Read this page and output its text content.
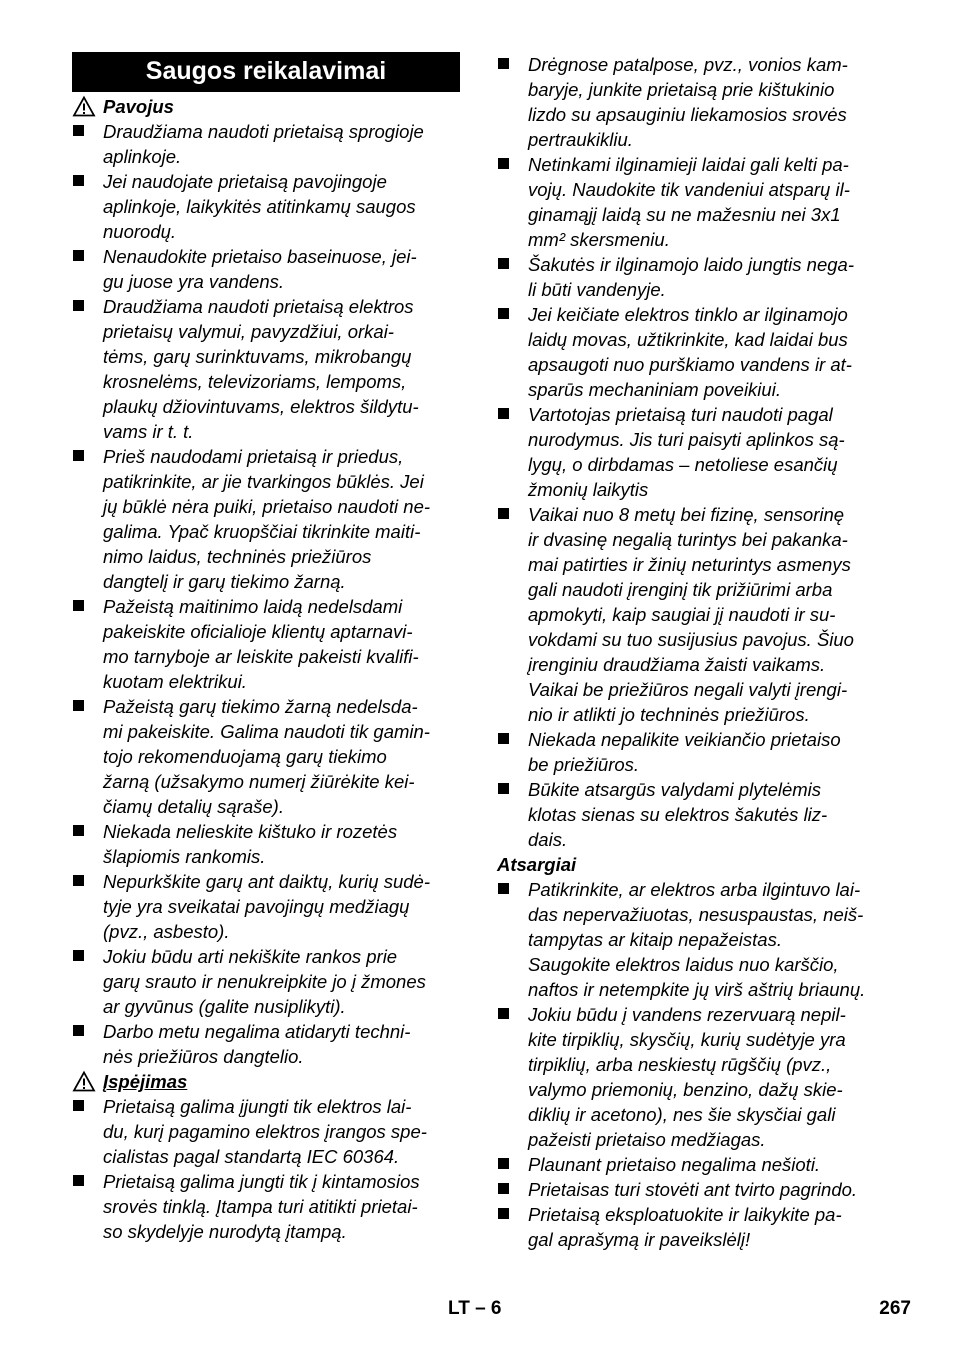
Saugos reikalavimai
Pavojus
Draudžiama naudoti prietaisą sprogioje
aplinkoje.
Jei naudojate prietaisą pavojingoje
aplinkoje, laikykitės atitinkamų saugos
nuorodų.
Nenaudokite prietaiso baseinuose, jei-
gu juose yra vandens.
Draudžiama naudoti prietaisą elektros
prietaisų valymui, pavyzdžiui, orkai-
tėms, garų surinktuvams, mikrobangų
krosnelėms, televizoriams, lempoms,
plaukų džiovintuvams, elektros šildytu-
vams ir t. t.
Prieš naudodami prietaisą ir priedus,
patikrinkite, ar jie tvarkingos būklės. Jei
jų būklė nėra puiki, prietaiso naudoti ne-
galima. Ypač kruopščiai tikrinkite maiti-
nimo laidus, techninės priežiūros
dangtelį ir garų tiekimo žarną.
Pažeistą maitinimo laidą nedelsdami
pakeiskite oficialioje klientų aptarnavi-
mo tarnyboje ar leiskite pakeisti kvalifi-
kuotam elektrikui.
Pažeistą garų tiekimo žarną nedelsda-
mi pakeiskite. Galima naudoti tik gamin-
tojo rekomenduojamą garų tiekimo
žarną (užsakymo numerį žiūrėkite kei-
čiamų detalių sąraše).
Niekada nelieskite kištuko ir rozetės
šlapiomis rankomis.
Nepurkškite garų ant daiktų, kurių sudė-
tyje yra sveikatai pavojingų medžiagų
(pvz., asbesto).
Jokiu būdu arti nekiškite rankos prie
garų srauto ir nenukreipkite jo į žmones
ar gyvūnus (galite nusiplikyti).
Darbo metu negalima atidaryti techni-
nės priežiūros dangtelio.
Įspėjimas
Prietaisą galima įjungti tik elektros lai-
du, kurį pagamino elektros įrangos spe-
cialistas pagal standartą IEC 60364.
Prietaisą galima jungti tik į kintamosios
srovės tinklą. Įtampa turi atitikti prietai-
so skydelyje nurodytą įtampą.
Drėgnose patalpose, pvz., vonios kam-
baryje, junkite prietaisą prie kištukinio
lizdo su apsauginiu liekamosios srovės
pertraukikliu.
Netinkami ilginamieji laidai gali kelti pa-
vojų. Naudokite tik vandeniui atsparų il-
ginamąjį laidą su ne mažesniu nei 3x1
mm² skersmeniu.
Šakutės ir ilginamojo laido jungtis nega-
li būti vandenyje.
Jei keičiate elektros tinklo ar ilginamojo
laidų movas, užtikrinkite, kad laidai bus
apsaugoti nuo purškiamo vandens ir at-
sparūs mechaniniam poveikiui.
Vartotojas prietaisą turi naudoti pagal
nurodymus. Jis turi paisyti aplinkos są-
lygų, o dirbdamas – netoliese esančių
žmonių laikytis
Vaikai nuo 8 metų bei fizinę, sensorinę
ir dvasinę negalią turintys bei pakanka-
mai patirties ir žinių neturintys asmenys
gali naudoti įrenginį tik prižiūrimi arba
apmokyti, kaip saugiai jį naudoti ir su-
vokdami su tuo susijusius pavojus. Šiuo
įrenginiu draudžiama žaisti vaikams.
Vaikai be priežiūros negali valyti įrengi-
nio ir atlikti jo techninės priežiūros.
Niekada nepalikite veikiančio prietaiso
be priežiūros.
Būkite atsargūs valydami plytelėmis
klotas sienas su elektros šakutės liz-
dais.
Atsargiai
Patikrinkite, ar elektros arba ilgintuvo lai-
das nepervažiuotas, nesuspaustas, neiš-
tampytas ar kitaip nepažeistas.
Saugokite elektros laidus nuo karščio,
naftos ir netempkite jų virš aštrių briaunų.
Jokiu būdu į vandens rezervuarą nepil-
kite tirpiklių, skysčių, kurių sudėtyje yra
tirpiklių, arba neskiestų rūgščių (pvz.,
valymo priemonių, benzino, dažų skie-
diklių ir acetono), nes šie skysčiai gali
pažeisti prietaiso medžiagas.
Plaunant prietaiso negalima nešioti.
Prietaisas turi stovėti ant tvirto pagrindo.
Prietaisą eksploatuokite ir laikykite pa-
gal aprašymą ir paveikslėlį!
LT – 6	267
